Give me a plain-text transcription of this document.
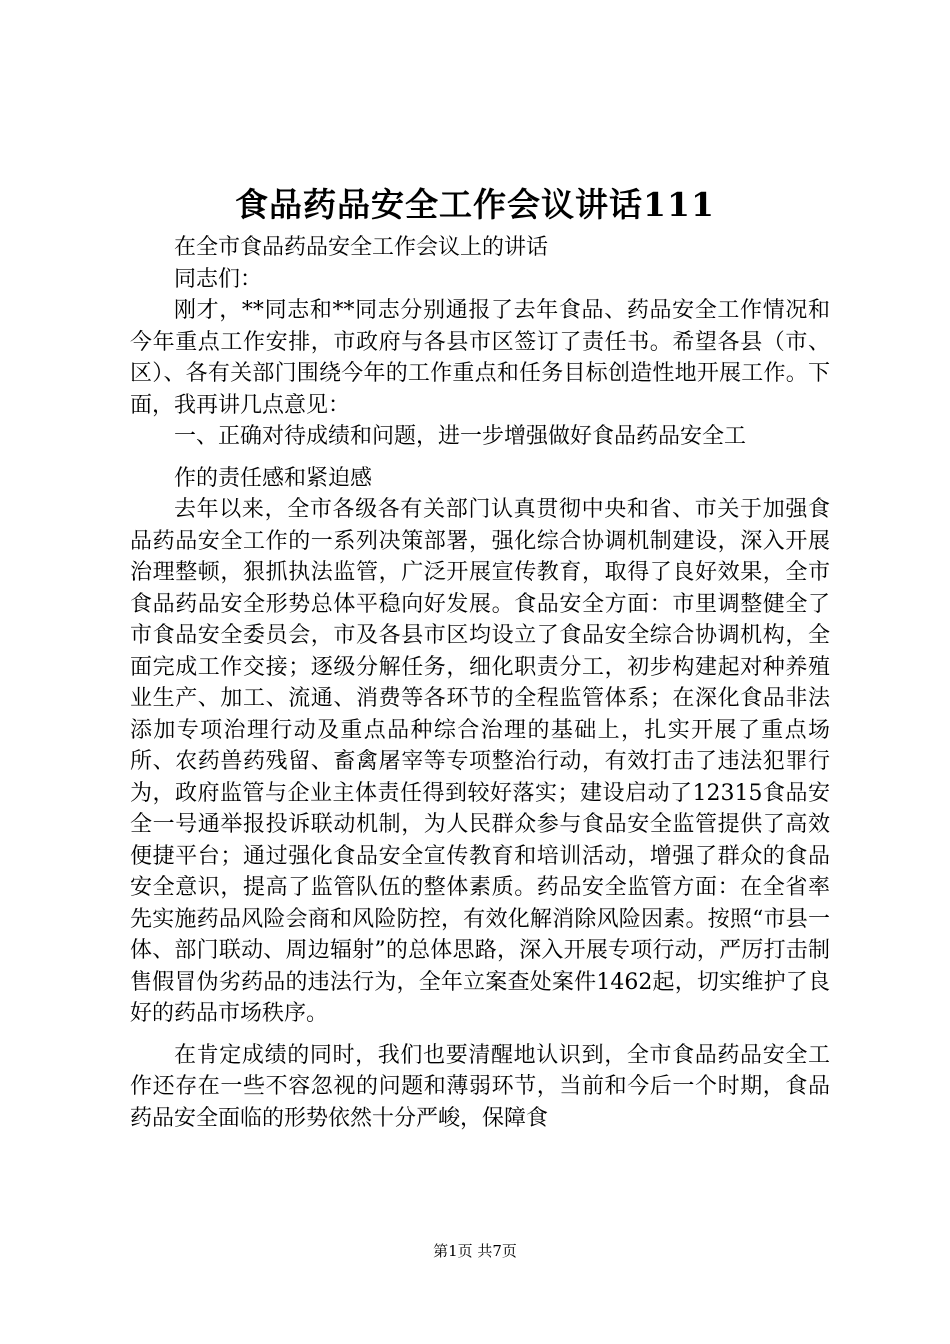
食品药品安全工作会议讲话111

在全市食品药品安全工作会议上的讲话

同志们：

刚才，**同志和**同志分别通报了去年食品、药品安全工作情况和今年重点工作安排，市政府与各县市区签订了责任书。希望各县（市、区）、各有关部门围绕今年的工作重点和任务目标创造性地开展工作。下面，我再讲几点意见：

一、正确对待成绩和问题，进一步增强做好食品药品安全工

作的责任感和紧迫感

去年以来，全市各级各有关部门认真贯彻中央和省、市关于加强食品药品安全工作的一系列决策部署，强化综合协调机制建设，深入开展治理整顿，狠抓执法监管，广泛开展宣传教育，取得了良好效果，全市食品药品安全形势总体平稳向好发展。食品安全方面：市里调整健全了市食品安全委员会，市及各县市区均设立了食品安全综合协调机构，全面完成工作交接；逐级分解任务，细化职责分工，初步构建起对种养殖业生产、加工、流通、消费等各环节的全程监管体系；在深化食品非法添加专项治理行动及重点品种综合治理的基础上，扎实开展了重点场所、农药兽药残留、畜禽屠宰等专项整治行动，有效打击了违法犯罪行为，政府监管与企业主体责任得到较好落实；建设启动了12315食品安全一号通举报投诉联动机制，为人民群众参与食品安全监管提供了高效便捷平台；通过强化食品安全宣传教育和培训活动，增强了群众的食品安全意识，提高了监管队伍的整体素质。药品安全监管方面：在全省率先实施药品风险会商和风险防控，有效化解消除风险因素。按照“市县一体、部门联动、周边辐射”的总体思路，深入开展专项行动，严厉打击制售假冒伪劣药品的违法行为，全年立案查处案件1462起，切实维护了良好的药品市场秩序。

在肯定成绩的同时，我们也要清醒地认识到，全市食品药品安全工作还存在一些不容忽视的问题和薄弱环节，当前和今后一个时期，食品药品安全面临的形势依然十分严峻，保障食

第1页 共7页
